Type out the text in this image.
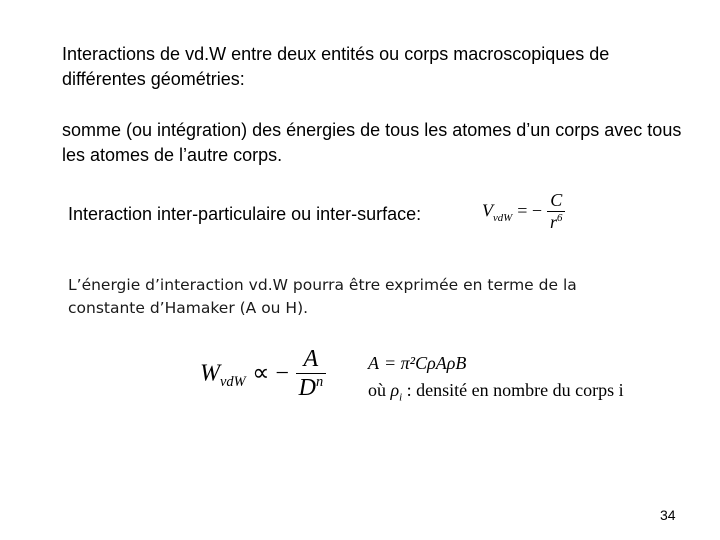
Interactions de vd.W entre deux entités ou corps macroscopiques de différentes géométries:
somme (ou intégration) des énergies de tous les atomes d’un corps avec tous les atomes de l’autre corps.
Interaction inter-particulaire ou inter-surface:	$V_{vdW}$ = − $\frac{C}{r^6}$
L’énergie d’interaction vd.W pourra être exprimée en terme de la constante d’Hamaker (A ou H).
$W_{vdW}$ ∝ − $\frac{A}{D^n}$ A = π²CρAρB
où $\rho_i$ : densité en nombre du corps i
34
